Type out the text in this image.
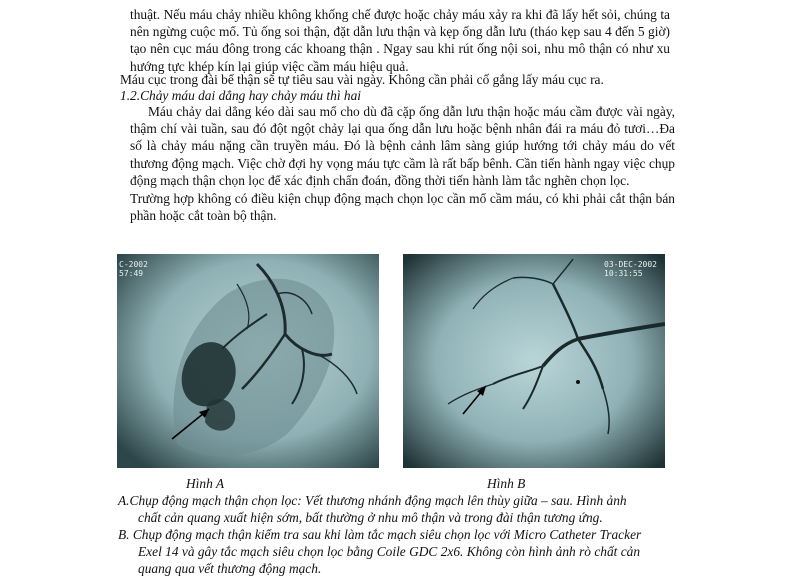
thuật. Nếu máu chảy nhiều không khống chế được hoặc chảy máu xảy ra khi đã lấy hết sỏi, chúng ta nên ngừng cuộc mổ. Tủ ống soi thận, đặt dẫn lưu thận và kẹp ống dẫn lưu (tháo kẹp sau 4 đến 5 giờ) tạo nên cục máu đông trong các khoang thận . Ngay sau khi rút ống nội soi, nhu mô thận có như xu hướng tực khép kín lại giúp việc cầm máu hiệu quả.

Máu cục trong đài bể thận sẽ tự tiêu sau vài ngày. Không cần phải cố gắng lấy máu cục ra.

1.2.Chảy máu dai dẳng hay chảy máu thì hai

Máu chảy dai dẳng kéo dài sau mổ cho dù đã cặp ống dẫn lưu thận hoặc máu cầm được vài ngày, thậm chí vài tuần, sau đó đột ngột chảy lại qua ống dẫn lưu hoặc bệnh nhân đái ra máu đỏ tươi…Đa số là chảy máu nặng cần truyền máu. Đó là bệnh cảnh lâm sàng giúp hướng tới chảy máu do vết thương động mạch. Việc chờ đợi hy vọng máu tực cầm là rất bấp bênh. Cần tiến hành ngay việc chụp động mạch thận chọn lọc để xác định chẩn đoán, đồng thời tiến hành làm tắc nghẽn chọn lọc.

Trường hợp không có điều kiện chụp động mạch chọn lọc cần mổ cầm máu, có khi phải cắt thận bán phần hoặc cắt toàn bộ thận.

C-2002
57:49
03-DEC-2002
10:31:55
Hình A	Hình B
A.Chụp động mạch thận chọn lọc: Vết thương nhánh động mạch lên thùy giữa – sau. Hình ảnh

chất cản quang xuất hiện sớm, bất thường ở nhu mô thận và trong đài thận tương ứng.
B. Chụp động mạch thận kiểm tra sau khi làm tắc mạch siêu chọn lọc với Micro Catheter Tracker

Exel 14 và gây tắc mạch siêu chọn lọc bằng Coile GDC 2x6. Không còn hình ảnh rò chất cản
quang qua vết thương động mạch.
